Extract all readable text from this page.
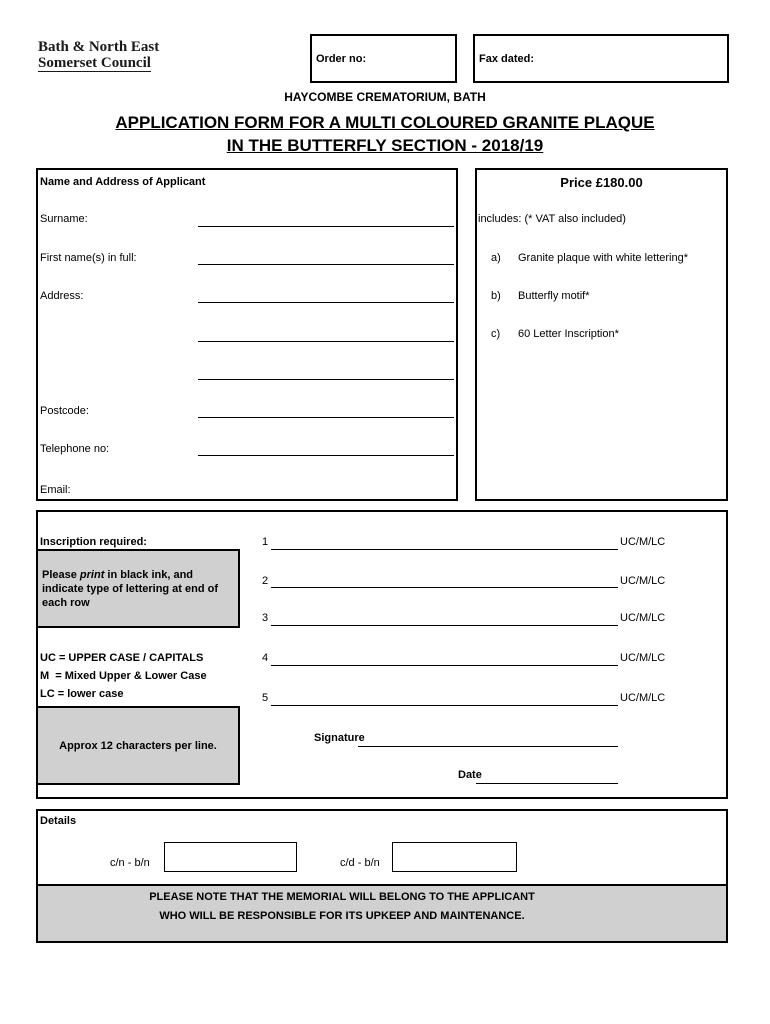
Bath & North East
Somerset Council	Order no:	Fax dated:
HAYCOMBE CREMATORIUM, BATH
APPLICATION FORM FOR A MULTI COLOURED GRANITE PLAQUE
IN THE BUTTERFLY SECTION - 2018/19
Name and Address of Applicant
Surname:
First name(s) in full:
Address:
Postcode:
Telephone no:
Email:
Price £180.00
includes: (* VAT also included)
a) Granite plaque with white lettering*
b) Butterfly motif*
c) 60 Letter Inscription*
Inscription required:
Please print in black ink, and indicate type of lettering at end of each row
UC = UPPER CASE / CAPITALS
M  = Mixed Upper & Lower Case
LC = lower case
Approx 12 characters per line.
1	UC/M/LC
2	UC/M/LC
3	UC/M/LC
4	UC/M/LC
5	UC/M/LC
Signature
Date
Details
c/n - b/n	c/d - b/n
PLEASE NOTE THAT THE MEMORIAL WILL BELONG TO THE APPLICANT
WHO WILL BE RESPONSIBLE FOR ITS UPKEEP AND MAINTENANCE.
